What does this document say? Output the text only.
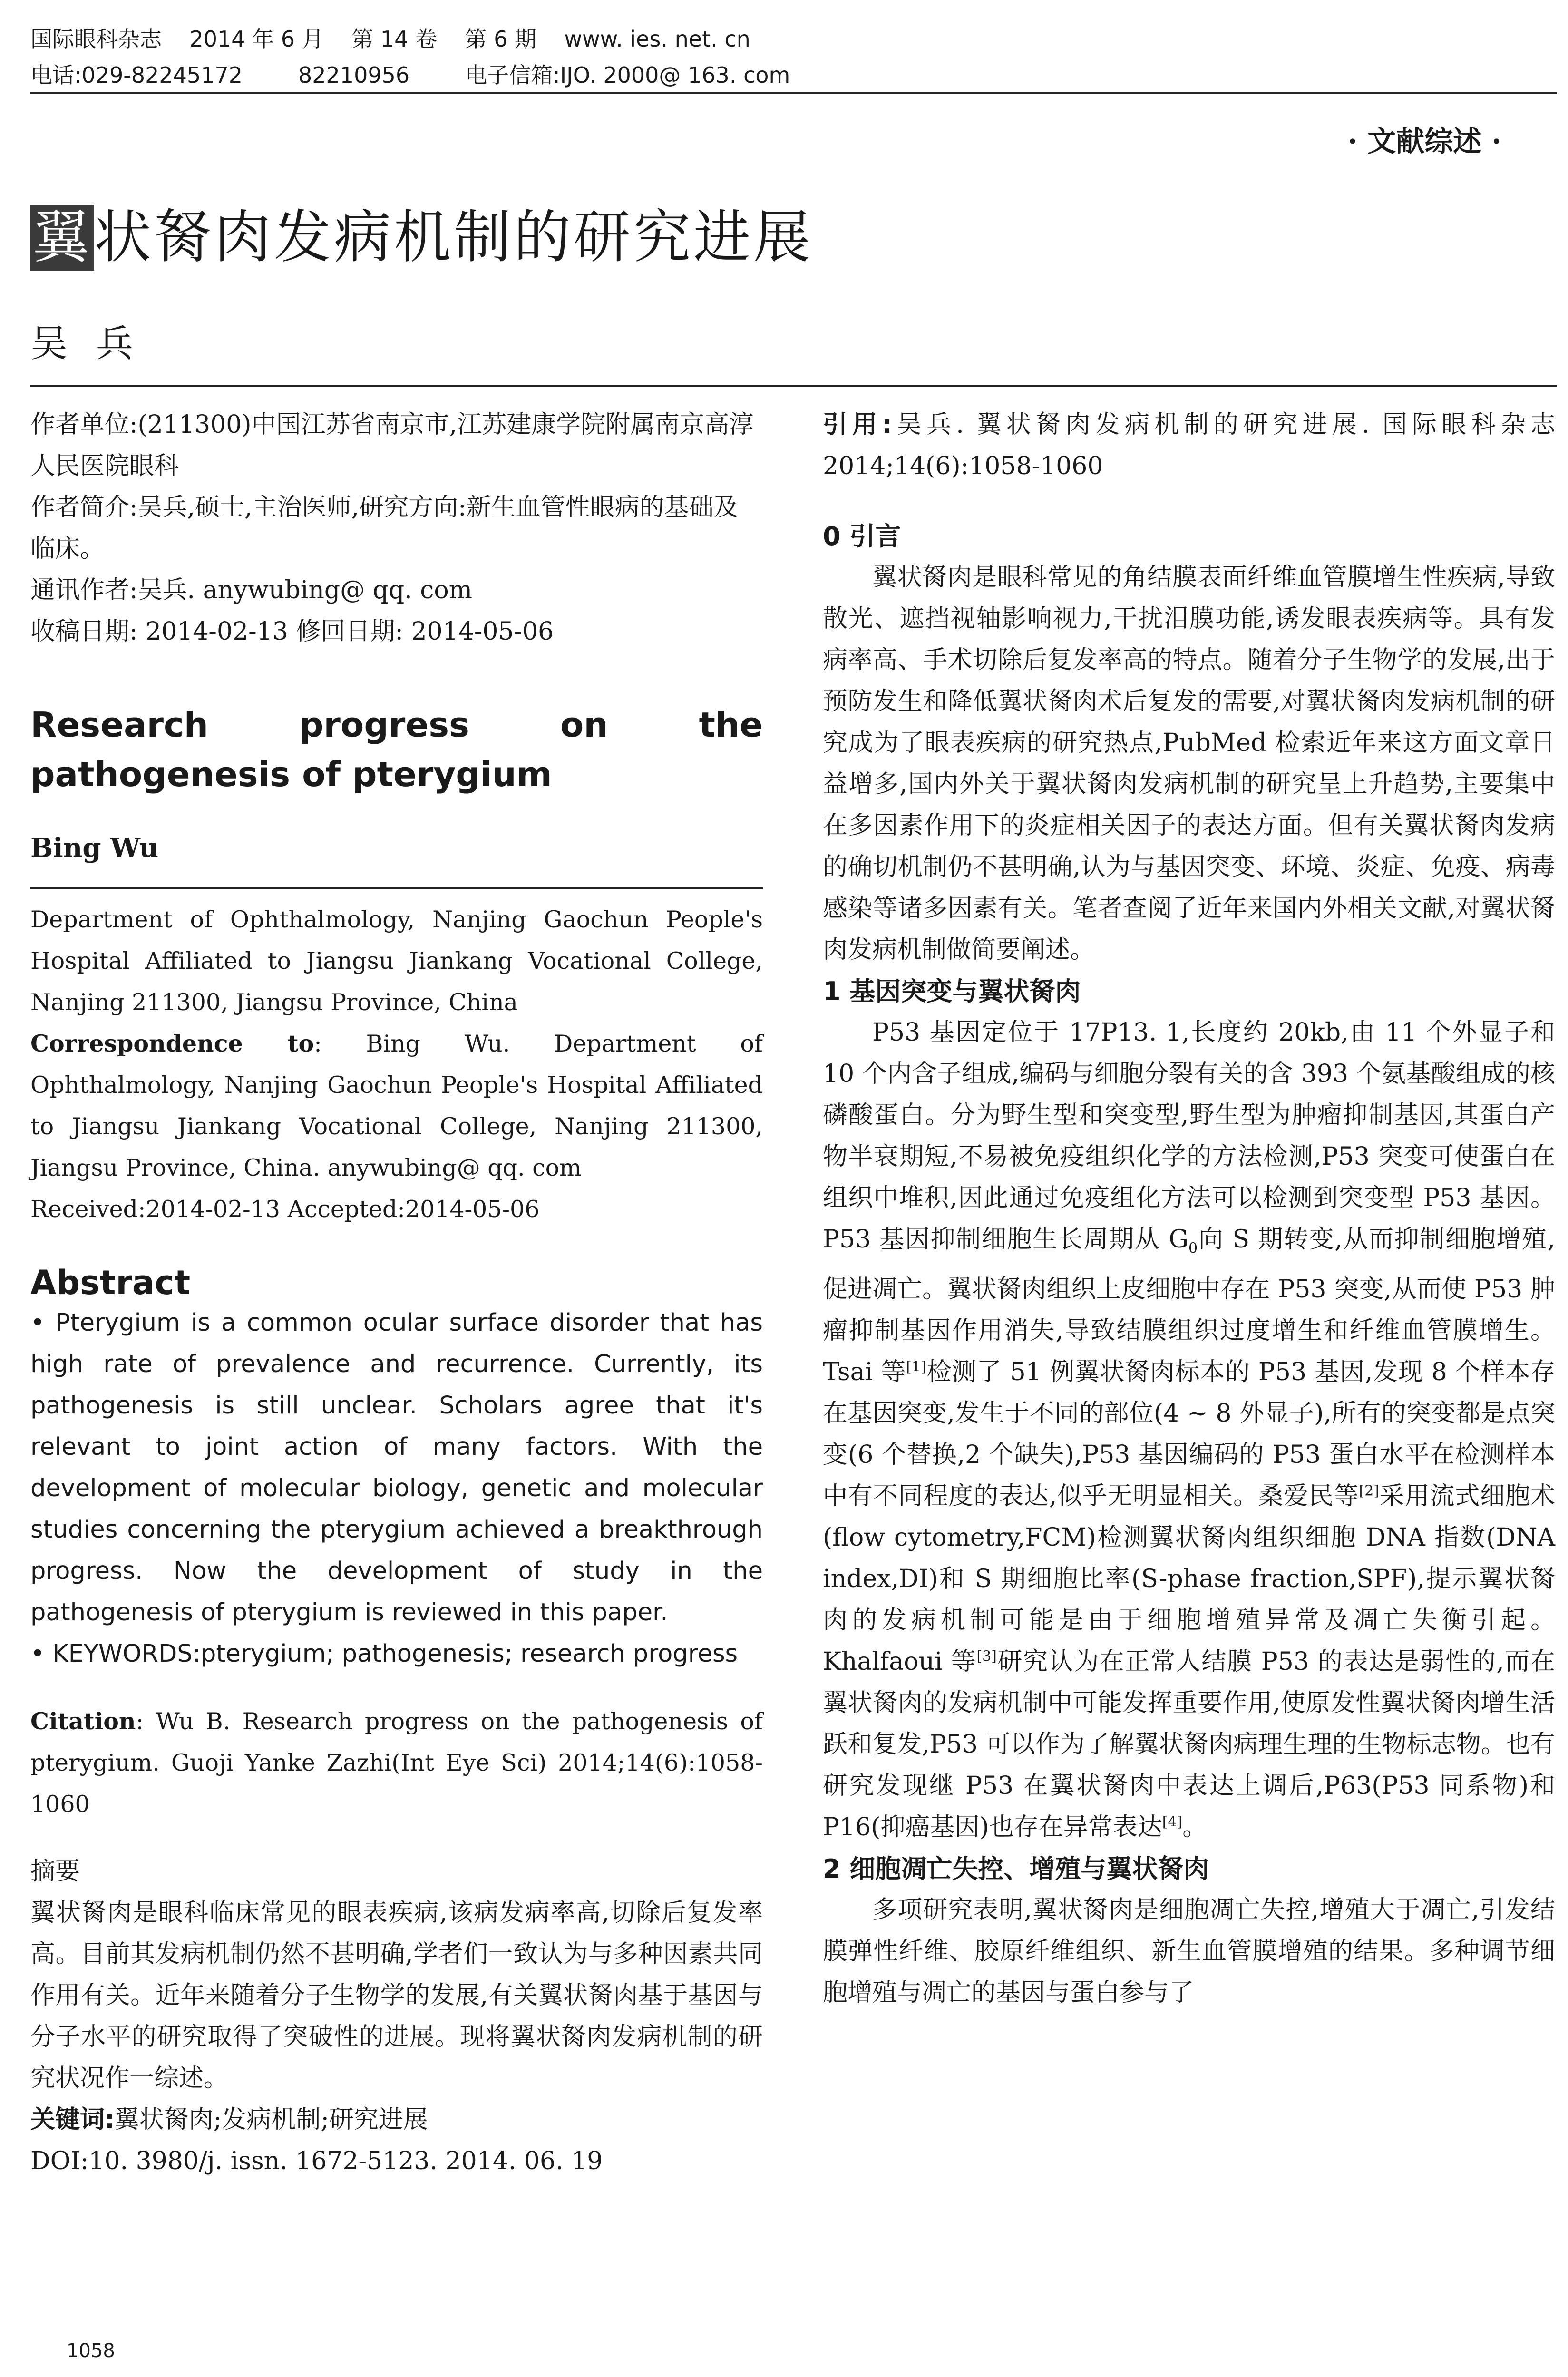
国际眼科杂志    2014 年 6 月    第 14 卷    第 6 期    www. ies. net. cn
电话:029-82245172        82210956        电子信箱:IJO. 2000@ 163. com
· 文献综述 ·
翼状胬肉发病机制的研究进展
吴兵

作者单位:(211300)中国江苏省南京市,江苏建康学院附属南京高淳人民医院眼科

作者简介:吴兵,硕士,主治医师,研究方向:新生血管性眼病的基础及临床。

通讯作者:吴兵. anywubing@ qq. com

收稿日期: 2014-02-13 修回日期: 2014-05-06

Research progress on the pathogenesis of pterygium

Bing Wu

Department of Ophthalmology, Nanjing Gaochun People's Hospital Affiliated to Jiangsu Jiankang Vocational College, Nanjing 211300, Jiangsu Province, China

Correspondence to: Bing Wu. Department of Ophthalmology, Nanjing Gaochun People's Hospital Affiliated to Jiangsu Jiankang Vocational College, Nanjing 211300, Jiangsu Province, China. anywubing@ qq. com

Received:2014-02-13 Accepted:2014-05-06

Abstract

• Pterygium is a common ocular surface disorder that has high rate of prevalence and recurrence. Currently, its pathogenesis is still unclear. Scholars agree that it's relevant to joint action of many factors. With the development of molecular biology, genetic and molecular studies concerning the pterygium achieved a breakthrough progress. Now the development of study in the pathogenesis of pterygium is reviewed in this paper.

• KEYWORDS:pterygium; pathogenesis; research progress

Citation: Wu B. Research progress on the pathogenesis of pterygium. Guoji Yanke Zazhi(Int Eye Sci) 2014;14(6):1058-1060

摘要

翼状胬肉是眼科临床常见的眼表疾病,该病发病率高,切除后复发率高。目前其发病机制仍然不甚明确,学者们一致认为与多种因素共同作用有关。近年来随着分子生物学的发展,有关翼状胬肉基于基因与分子水平的研究取得了突破性的进展。现将翼状胬肉发病机制的研究状况作一综述。

关键词:翼状胬肉;发病机制;研究进展

DOI:10. 3980/j. issn. 1672-5123. 2014. 06. 19

引用:吴兵. 翼状胬肉发病机制的研究进展. 国际眼科杂志 2014;14(6):1058-1060

0 引言

翼状胬肉是眼科常见的角结膜表面纤维血管膜增生性疾病,导致散光、遮挡视轴影响视力,干扰泪膜功能,诱发眼表疾病等。具有发病率高、手术切除后复发率高的特点。随着分子生物学的发展,出于预防发生和降低翼状胬肉术后复发的需要,对翼状胬肉发病机制的研究成为了眼表疾病的研究热点,PubMed 检索近年来这方面文章日益增多,国内外关于翼状胬肉发病机制的研究呈上升趋势,主要集中在多因素作用下的炎症相关因子的表达方面。但有关翼状胬肉发病的确切机制仍不甚明确,认为与基因突变、环境、炎症、免疫、病毒感染等诸多因素有关。笔者查阅了近年来国内外相关文献,对翼状胬肉发病机制做简要阐述。

1 基因突变与翼状胬肉

P53 基因定位于 17P13. 1,长度约 20kb,由 11 个外显子和 10 个内含子组成,编码与细胞分裂有关的含 393 个氨基酸组成的核磷酸蛋白。分为野生型和突变型,野生型为肿瘤抑制基因,其蛋白产物半衰期短,不易被免疫组织化学的方法检测,P53 突变可使蛋白在组织中堆积,因此通过免疫组化方法可以检测到突变型 P53 基因。P53 基因抑制细胞生长周期从 $G_0$向 S 期转变,从而抑制细胞增殖,促进凋亡。翼状胬肉组织上皮细胞中存在 P53 突变,从而使 P53 肿瘤抑制基因作用消失,导致结膜组织过度增生和纤维血管膜增生。Tsai 等[1]检测了 51 例翼状胬肉标本的 P53 基因,发现 8 个样本存在基因突变,发生于不同的部位(4 ~ 8 外显子),所有的突变都是点突变(6 个替换,2 个缺失),P53 基因编码的 P53 蛋白水平在检测样本中有不同程度的表达,似乎无明显相关。桑爱民等[2]采用流式细胞术(flow cytometry,FCM)检测翼状胬肉组织细胞 DNA 指数(DNA index,DI)和 S 期细胞比率(S-phase fraction,SPF),提示翼状胬肉的发病机制可能是由于细胞增殖异常及凋亡失衡引起。Khalfaoui 等[3]研究认为在正常人结膜 P53 的表达是弱性的,而在翼状胬肉的发病机制中可能发挥重要作用,使原发性翼状胬肉增生活跃和复发,P53 可以作为了解翼状胬肉病理生理的生物标志物。也有研究发现继 P53 在翼状胬肉中表达上调后,P63(P53 同系物)和 P16(抑癌基因)也存在异常表达[4]。

2 细胞凋亡失控、增殖与翼状胬肉

多项研究表明,翼状胬肉是细胞凋亡失控,增殖大于凋亡,引发结膜弹性纤维、胶原纤维组织、新生血管膜增殖的结果。多种调节细胞增殖与凋亡的基因与蛋白参与了

1058
